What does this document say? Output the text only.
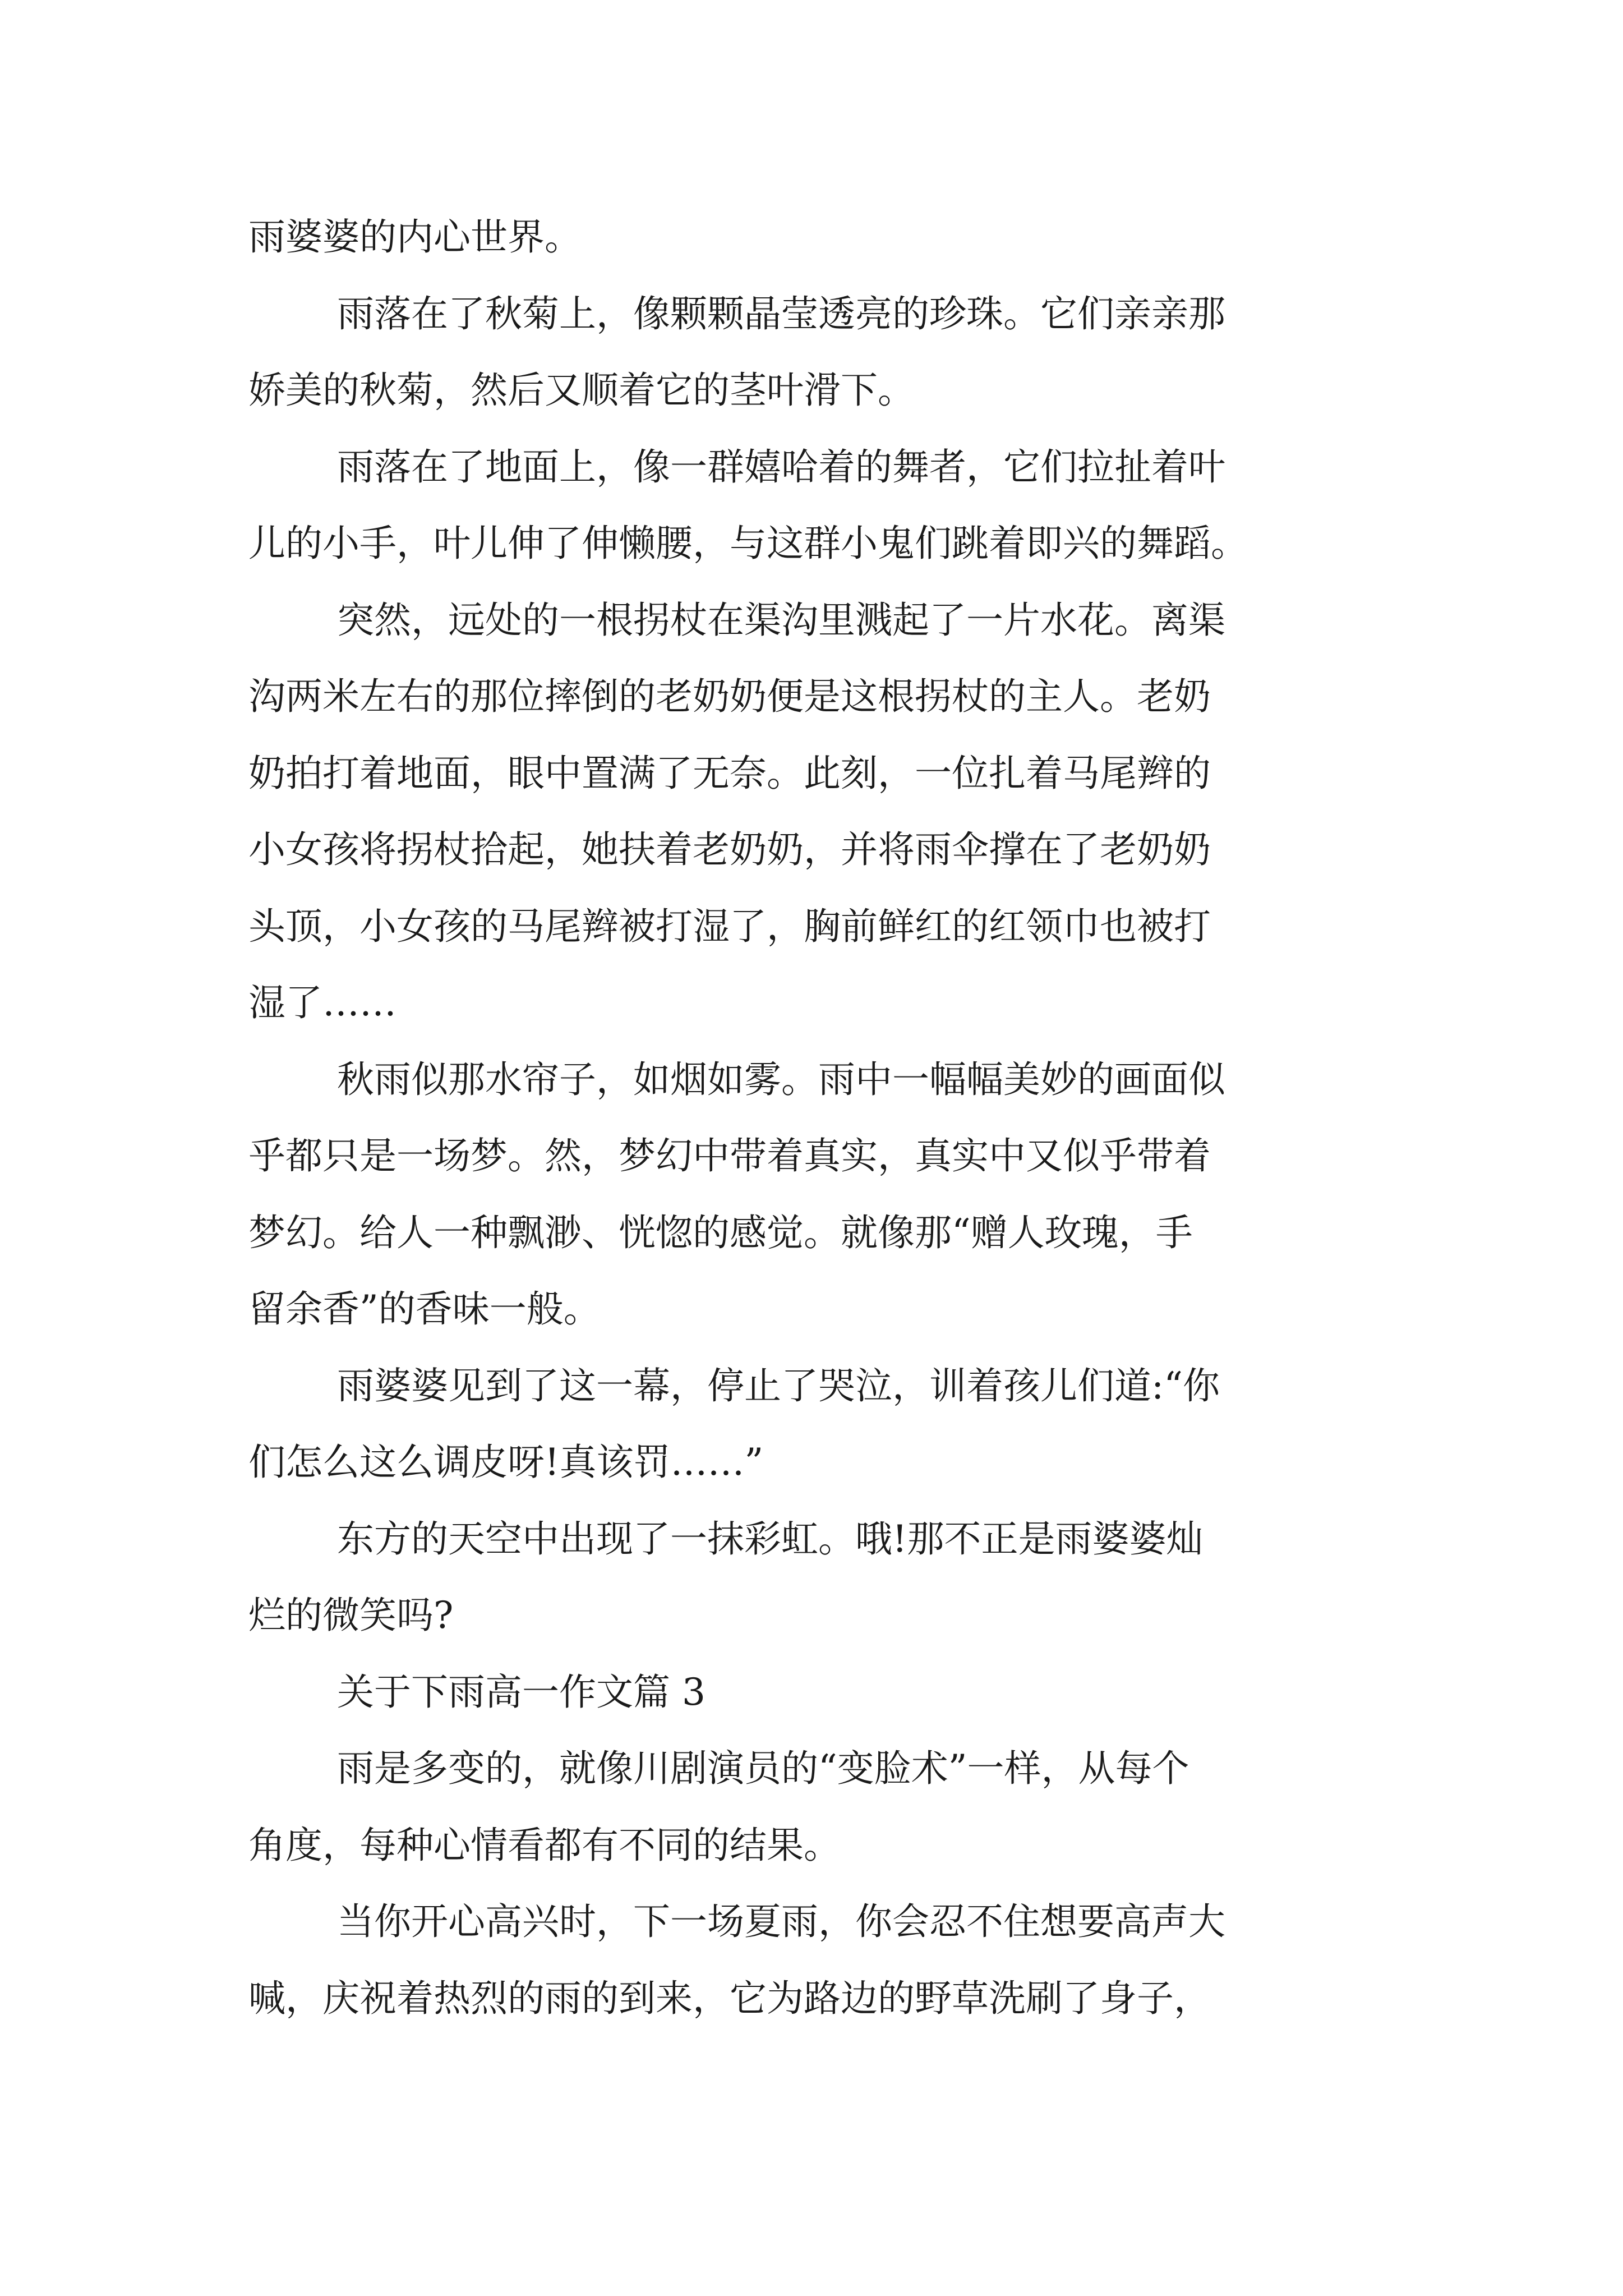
雨婆婆的内心世界。
雨落在了秋菊上，像颗颗晶莹透亮的珍珠。它们亲亲那
娇美的秋菊，然后又顺着它的茎叶滑下。
雨落在了地面上，像一群嬉哈着的舞者，它们拉扯着叶
儿的小手，叶儿伸了伸懒腰，与这群小鬼们跳着即兴的舞蹈。
突然，远处的一根拐杖在渠沟里溅起了一片水花。离渠
沟两米左右的那位摔倒的老奶奶便是这根拐杖的主人。老奶
奶拍打着地面，眼中置满了无奈。此刻，一位扎着马尾辫的
小女孩将拐杖拾起，她扶着老奶奶，并将雨伞撑在了老奶奶
头顶，小女孩的马尾辫被打湿了，胸前鲜红的红领巾也被打
湿了……
秋雨似那水帘子，如烟如雾。雨中一幅幅美妙的画面似
乎都只是一场梦。然，梦幻中带着真实，真实中又似乎带着
梦幻。给人一种飘渺、恍惚的感觉。就像那“赠人玫瑰，手
留余香”的香味一般。
雨婆婆见到了这一幕，停止了哭泣，训着孩儿们道:“你
们怎么这么调皮呀!真该罚……”
东方的天空中出现了一抹彩虹。哦!那不正是雨婆婆灿
烂的微笑吗?
关于下雨高一作文篇 3
雨是多变的，就像川剧演员的“变脸术”一样，从每个
角度，每种心情看都有不同的结果。
当你开心高兴时，下一场夏雨，你会忍不住想要高声大
喊，庆祝着热烈的雨的到来，它为路边的野草洗刷了身子，
